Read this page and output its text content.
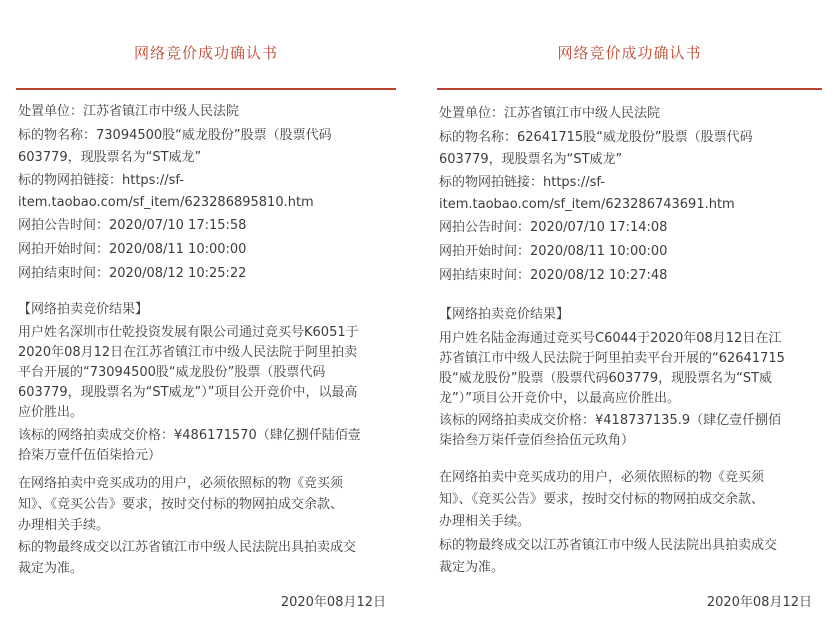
网络竞价成功确认书
处置单位：江苏省镇江市中级人民法院
标的物名称：73094500股“威龙股份”股票（股票代码
603779，现股票名为“ST威龙”
标的物网拍链接：https://sf-
item.taobao.com/sf_item/623286895810.htm
网拍公告时间：2020/07/10 17:15:58
网拍开始时间：2020/08/11 10:00:00
网拍结束时间：2020/08/12 10:25:22
【网络拍卖竞价结果】
用户姓名深圳市仕乾投资发展有限公司通过竞买号K6051于
2020年08月12日在江苏省镇江市中级人民法院于阿里拍卖
平台开展的“73094500股“威龙股份”股票（股票代码
603779，现股票名为“ST威龙”）”项目公开竞价中，以最高
应价胜出。
该标的网络拍卖成交价格：¥486171570（肆亿捌仟陆佰壹
拾柒万壹仟伍佰柒拾元）
在网络拍卖中竞买成功的用户，必须依照标的物《竞买须
知》、《竞买公告》要求，按时交付标的物网拍成交余款、
办理相关手续。
标的物最终成交以江苏省镇江市中级人民法院出具拍卖成交
裁定为准。
2020年08月12日
网络竞价成功确认书
处置单位：江苏省镇江市中级人民法院
标的物名称：62641715股“威龙股份”股票（股票代码
603779，现股票名为“ST威龙”
标的物网拍链接：https://sf-
item.taobao.com/sf_item/623286743691.htm
网拍公告时间：2020/07/10 17:14:08
网拍开始时间：2020/08/11 10:00:00
网拍结束时间：2020/08/12 10:27:48
【网络拍卖竞价结果】
用户姓名陆金海通过竞买号C6044于2020年08月12日在江
苏省镇江市中级人民法院于阿里拍卖平台开展的“62641715
股“威龙股份”股票（股票代码603779，现股票名为“ST威
龙”）”项目公开竞价中，以最高应价胜出。
该标的网络拍卖成交价格：¥418737135.9（肆亿壹仟捌佰
柒拾叁万柒仟壹佰叁拾伍元玖角）
在网络拍卖中竞买成功的用户，必须依照标的物《竞买须
知》、《竞买公告》要求，按时交付标的物网拍成交余款、
办理相关手续。
标的物最终成交以江苏省镇江市中级人民法院出具拍卖成交
裁定为准。
2020年08月12日
